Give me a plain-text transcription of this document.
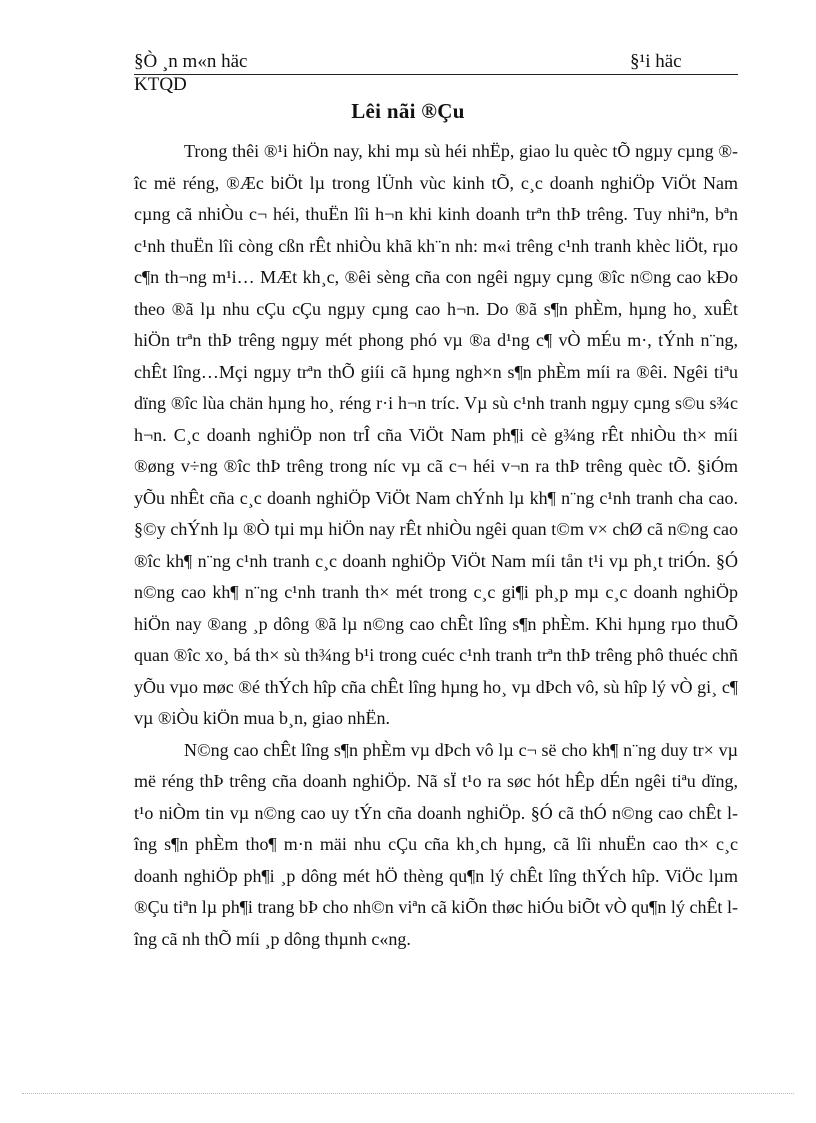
§Ò ¸n m«n häc	§¹i häc
KTQD
Lêi nãi ®Çu

Trong thêi ®¹i hiÖn nay, khi mµ sù héi nhËp, giao lu quèc tÕ ngµy cµng ®îc më réng, ®Æc biÖt lµ trong lÜnh vùc kinh tÕ, c¸c doanh nghiÖp ViÖt Nam cµng cã nhiÒu c¬ héi, thuËn lîi h¬n khi kinh doanh trªn thÞ trêng. Tuy nhiªn, bªn c¹nh thuËn lîi còng cßn rÊt nhiÒu khã kh¨n nh: m«i trêng c¹nh tranh khèc liÖt, rµo c¶n th¬ng m¹i… MÆt kh¸c, ®êi sèng cña con ngêi ngµy cµng ®îc n©ng cao kÐo theo ®ã lµ nhu cÇu cÇu ngµy cµng cao h¬n. Do ®ã s¶n phÈm, hµng ho¸ xuÊt hiÖn trªn thÞ trêng ngµy mét phong phó vµ ®a d¹ng c¶ vÒ mÉu m·, tÝnh n¨ng, chÊt lîng…Mçi ngµy trªn thÕ giíi cã hµng ngh×n s¶n phÈm míi ra ®êi. Ngêi tiªu dïng ®îc lùa chän hµng ho¸ réng r·i h¬n tríc. Vµ sù c¹nh tranh ngµy cµng s©u s¾c h¬n. C¸c doanh nghiÖp non trÎ cña ViÖt Nam ph¶i cè g¾ng rÊt nhiÒu th× míi ®øng v÷ng ®îc thÞ trêng trong níc vµ cã c¬ héi v¬n ra thÞ trêng quèc tÕ. §iÓm yÕu nhÊt cña c¸c doanh nghiÖp ViÖt Nam chÝnh lµ kh¶ n¨ng c¹nh tranh cha cao. §©y chÝnh lµ ®Ò tµi mµ hiÖn nay rÊt nhiÒu ngêi quan t©m v× chØ cã n©ng cao ®îc kh¶ n¨ng c¹nh tranh c¸c doanh nghiÖp ViÖt Nam míi tån t¹i vµ ph¸t triÓn. §Ó n©ng cao kh¶ n¨ng c¹nh tranh th× mét trong c¸c gi¶i ph¸p mµ c¸c doanh nghiÖp hiÖn nay ®ang ¸p dông ®ã lµ n©ng cao chÊt lîng s¶n phÈm. Khi hµng rµo thuÕ quan ®îc xo¸ bá th× sù th¾ng b¹i trong cuéc c¹nh tranh trªn thÞ trêng phô thuéc chñ yÕu vµo møc ®é thÝch hîp cña chÊt lîng hµng ho¸ vµ dÞch vô, sù hîp lý vÒ gi¸ c¶ vµ ®iÒu kiÖn mua b¸n, giao nhËn.

N©ng cao chÊt lîng s¶n phÈm vµ dÞch vô lµ c¬ së cho kh¶ n¨ng duy tr× vµ më réng thÞ trêng cña doanh nghiÖp. Nã sÏ t¹o ra søc hót hÊp dÉn ngêi tiªu dïng, t¹o niÒm tin vµ n©ng cao uy tÝn cña doanh nghiÖp. §Ó cã thÓ n©ng cao chÊt lîng s¶n phÈm tho¶ m·n mäi nhu cÇu cña kh¸ch hµng, cã lîi nhuËn cao th× c¸c doanh nghiÖp ph¶i ¸p dông mét hÖ thèng qu¶n lý chÊt lîng thÝch hîp. ViÖc lµm ®Çu tiªn lµ ph¶i trang bÞ cho nh©n viªn cã kiÕn thøc hiÓu biÕt vÒ qu¶n lý chÊt lîng cã nh thÕ míi ¸p dông thµnh c«ng.
